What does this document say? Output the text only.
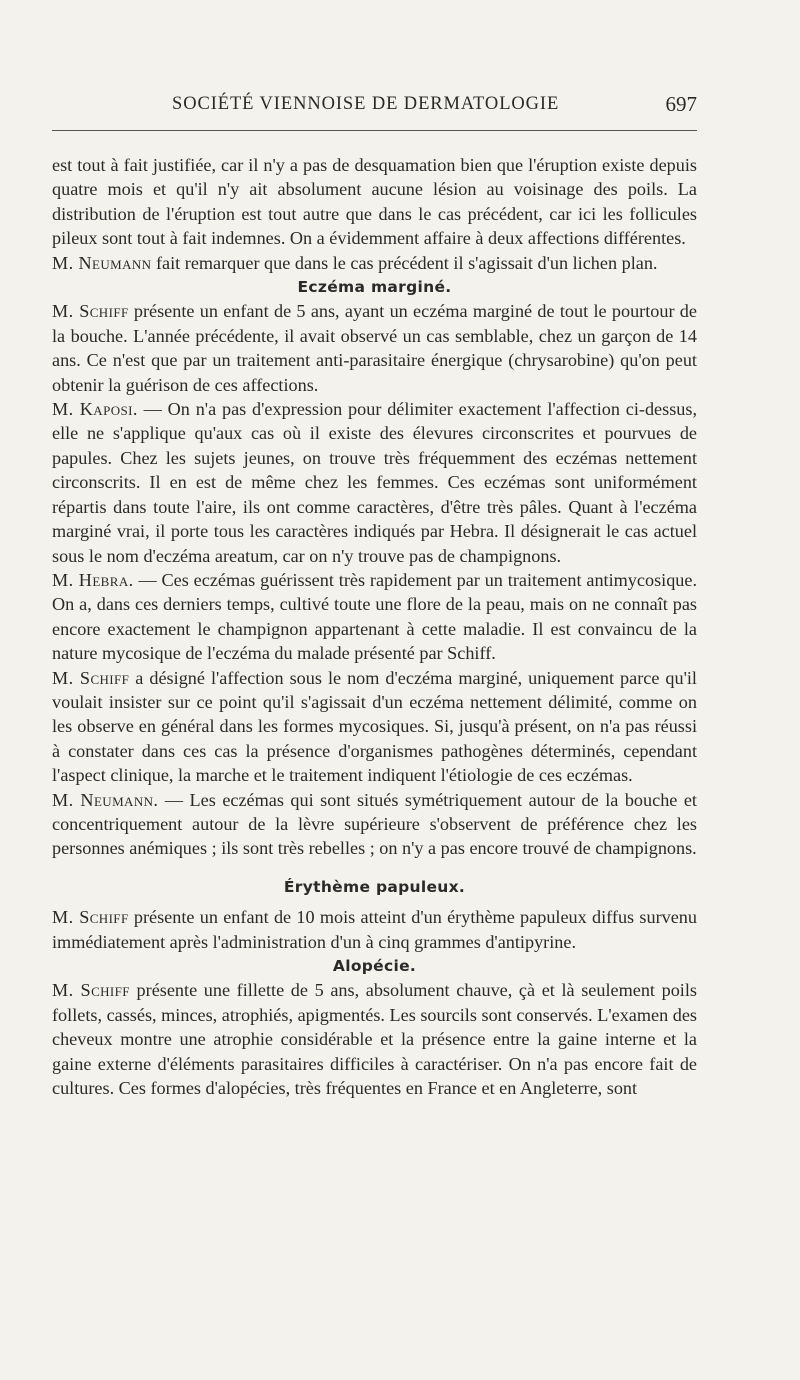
SOCIÉTÉ VIENNOISE DE DERMATOLOGIE	697

est tout à fait justifiée, car il n'y a pas de desquamation bien que l'éruption existe depuis quatre mois et qu'il n'y ait absolument aucune lésion au voisinage des poils. La distribution de l'éruption est tout autre que dans le cas précédent, car ici les follicules pileux sont tout à fait indemnes. On a évidemment affaire à deux affections différentes.

M. Neumann fait remarquer que dans le cas précédent il s'agissait d'un lichen plan.

Eczéma marginé.

M. Schiff présente un enfant de 5 ans, ayant un eczéma marginé de tout le pourtour de la bouche. L'année précédente, il avait observé un cas semblable, chez un garçon de 14 ans. Ce n'est que par un traitement anti-parasitaire énergique (chrysarobine) qu'on peut obtenir la guérison de ces affections.

M. Kaposi. — On n'a pas d'expression pour délimiter exactement l'affection ci-dessus, elle ne s'applique qu'aux cas où il existe des élevures circonscrites et pourvues de papules. Chez les sujets jeunes, on trouve très fréquemment des eczémas nettement circonscrits. Il en est de même chez les femmes. Ces eczémas sont uniformément répartis dans toute l'aire, ils ont comme caractères, d'être très pâles. Quant à l'eczéma marginé vrai, il porte tous les caractères indiqués par Hebra. Il désignerait le cas actuel sous le nom d'eczéma areatum, car on n'y trouve pas de champignons.

M. Hebra. — Ces eczémas guérissent très rapidement par un traitement antimycosique. On a, dans ces derniers temps, cultivé toute une flore de la peau, mais on ne connaît pas encore exactement le champignon appartenant à cette maladie. Il est convaincu de la nature mycosique de l'eczéma du malade présenté par Schiff.

M. Schiff a désigné l'affection sous le nom d'eczéma marginé, uniquement parce qu'il voulait insister sur ce point qu'il s'agissait d'un eczéma nettement délimité, comme on les observe en général dans les formes mycosiques. Si, jusqu'à présent, on n'a pas réussi à constater dans ces cas la présence d'organismes pathogènes déterminés, cependant l'aspect clinique, la marche et le traitement indiquent l'étiologie de ces eczémas.

M. Neumann. — Les eczémas qui sont situés symétriquement autour de la bouche et concentriquement autour de la lèvre supérieure s'observent de préférence chez les personnes anémiques ; ils sont très rebelles ; on n'y a pas encore trouvé de champignons.

Érythème papuleux.

M. Schiff présente un enfant de 10 mois atteint d'un érythème papuleux diffus survenu immédiatement après l'administration d'un à cinq grammes d'antipyrine.

Alopécie.

M. Schiff présente une fillette de 5 ans, absolument chauve, çà et là seulement poils follets, cassés, minces, atrophiés, apigmentés. Les sourcils sont conservés. L'examen des cheveux montre une atrophie considérable et la présence entre la gaine interne et la gaine externe d'éléments parasitaires difficiles à caractériser. On n'a pas encore fait de cultures. Ces formes d'alopécies, très fréquentes en France et en Angleterre, sont
